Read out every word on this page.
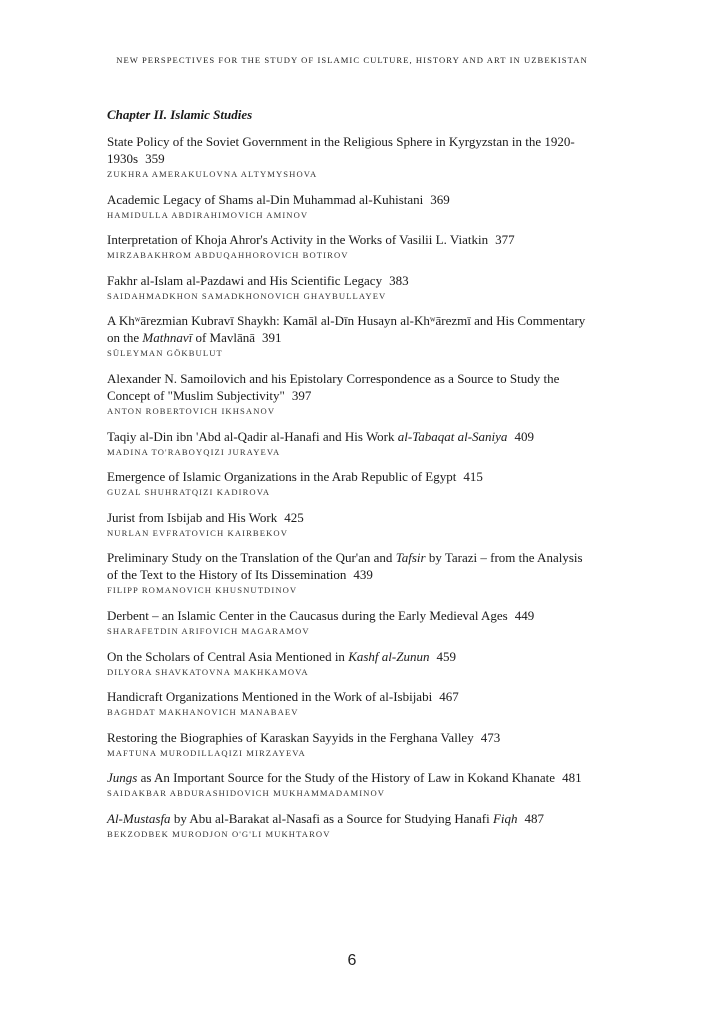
NEW PERSPECTIVES FOR THE STUDY OF ISLAMIC CULTURE, HISTORY AND ART IN UZBEKISTAN
Chapter II. Islamic Studies
State Policy of the Soviet Government in the Religious Sphere in Kyrgyzstan in the 1920-1930s 359
ZUKHRA AMERAKULOVNA ALTYMYSHOVA
Academic Legacy of Shams al-Din Muhammad al-Kuhistani 369
HAMIDULLA ABDIRAHIMOVICH AMINOV
Interpretation of Khoja Ahror's Activity in the Works of Vasilii L. Viatkin 377
MIRZABAKHROM ABDUQAHHOROVICH BOTIROV
Fakhr al-Islam al-Pazdawi and His Scientific Legacy 383
SAIDAHMADKHON SAMADKHONOVICH GHAYBULLAYEV
A Khʷārezmian Kubravī Shaykh: Kamāl al-Dīn Husayn al-Khʷārezmī and His Commentary on the Mathnavī of Mavlānā 391
SÜLEYMAN GÖKBULUT
Alexander N. Samoilovich and his Epistolary Correspondence as a Source to Study the Concept of "Muslim Subjectivity" 397
ANTON ROBERTOVICH IKHSANOV
Taqiy al-Din ibn 'Abd al-Qadir al-Hanafi and His Work al-Tabaqat al-Saniya 409
MADINA TO'RABOYQIZI JURAYEVA
Emergence of Islamic Organizations in the Arab Republic of Egypt 415
GUZAL SHUHRATQIZI KADIROVA
Jurist from Isbijab and His Work 425
NURLAN EVFRATOVICH KAIRBEKOV
Preliminary Study on the Translation of the Qur'an and Tafsir by Tarazi – from the Analysis of the Text to the History of Its Dissemination 439
FILIPP ROMANOVICH KHUSNUTDINOV
Derbent – an Islamic Center in the Caucasus during the Early Medieval Ages 449
SHARAFETDIN ARIFOVICH MAGARAMOV
On the Scholars of Central Asia Mentioned in Kashf al-Zunun 459
DILYORA SHAVKATOVNA MAKHKAMOVA
Handicraft Organizations Mentioned in the Work of al-Isbijabi 467
BAGHDAT MAKHANOVICH MANABAEV
Restoring the Biographies of Karaskan Sayyids in the Ferghana Valley 473
MAFTUNA MURODILLAQIZI MIRZAYEVA
Jungs as An Important Source for the Study of the History of Law in Kokand Khanate 481
SAIDAKBAR ABDURASHIDOVICH MUKHAMMADAMINOV
Al-Mustasfa by Abu al-Barakat al-Nasafi as a Source for Studying Hanafi Fiqh 487
BEKZODBEK MURODJON O'G'LI MUKHTAROV
6
